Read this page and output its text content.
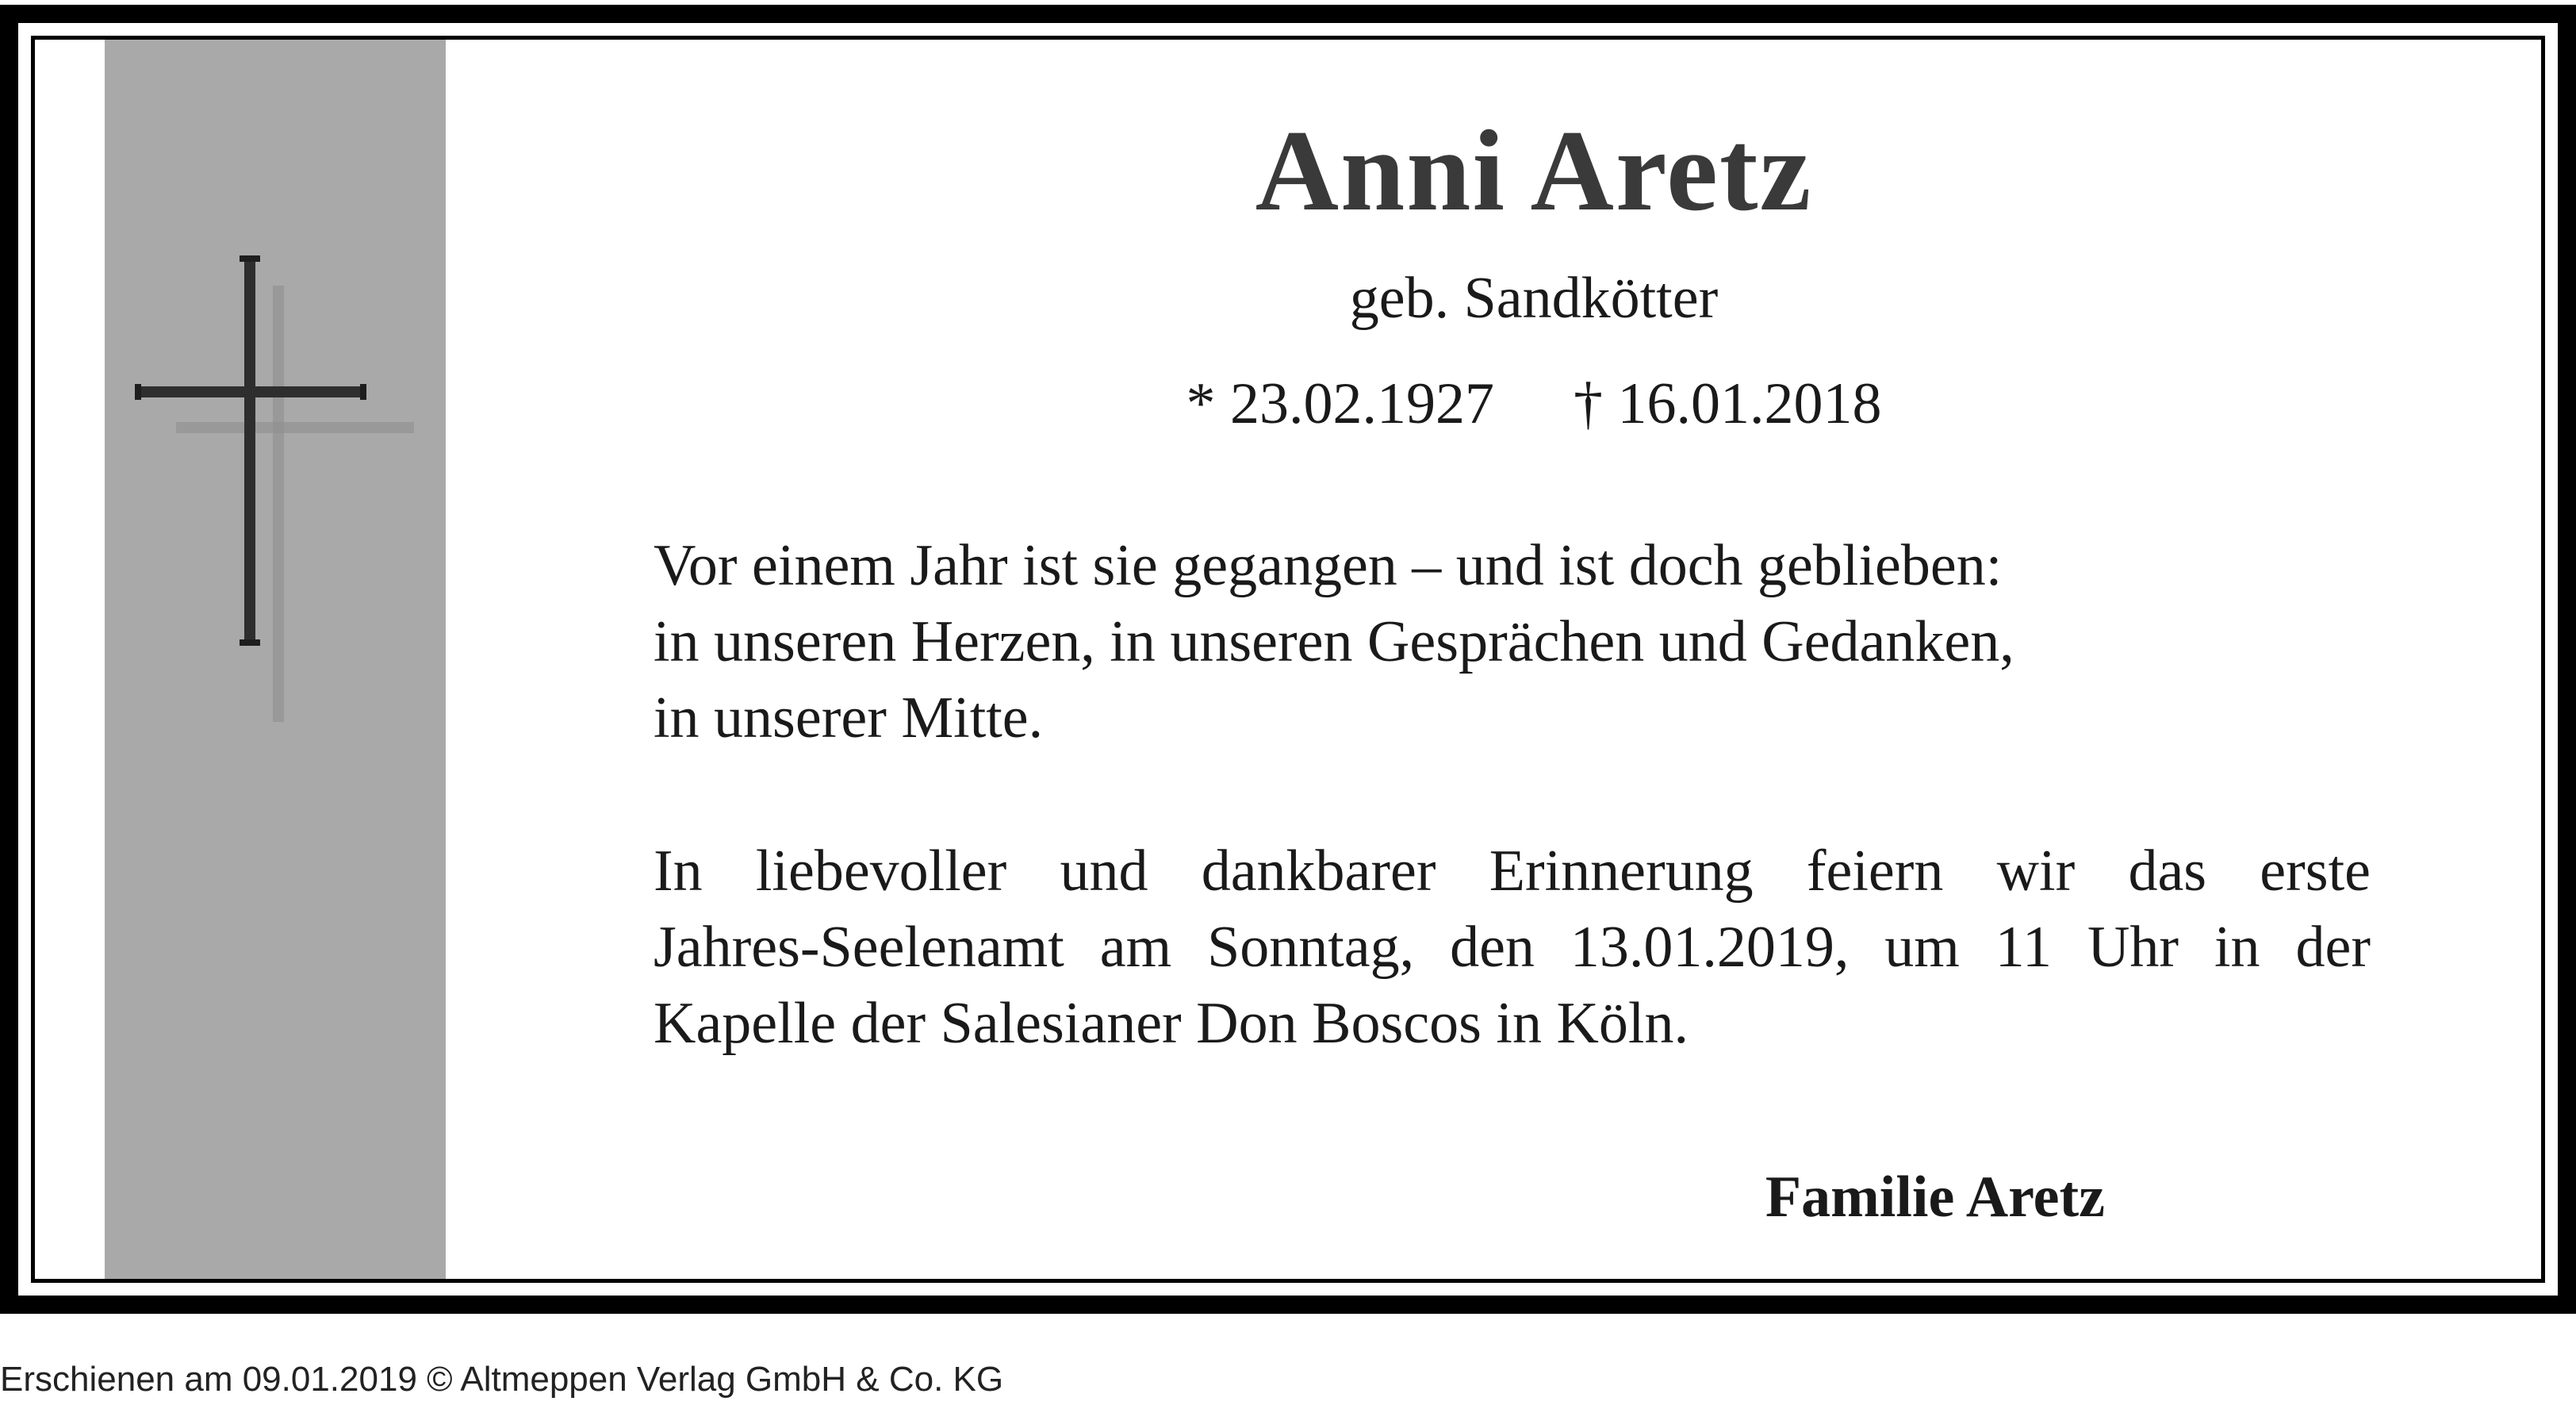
Anni Aretz
geb. Sandkötter
* 23.02.1927 † 16.01.2018
Vor einem Jahr ist sie gegangen – und ist doch geblieben:
in unseren Herzen, in unseren Gesprächen und Gedanken,
in unserer Mitte.
In liebevoller und dankbarer Erinnerung feiern wir das erste
Jahres-Seelenamt am Sonntag, den 13.01.2019, um 11 Uhr in der
Kapelle der Salesianer Don Boscos in Köln.
Familie Aretz
Erschienen am 09.01.2019 © Altmeppen Verlag GmbH & Co. KG
